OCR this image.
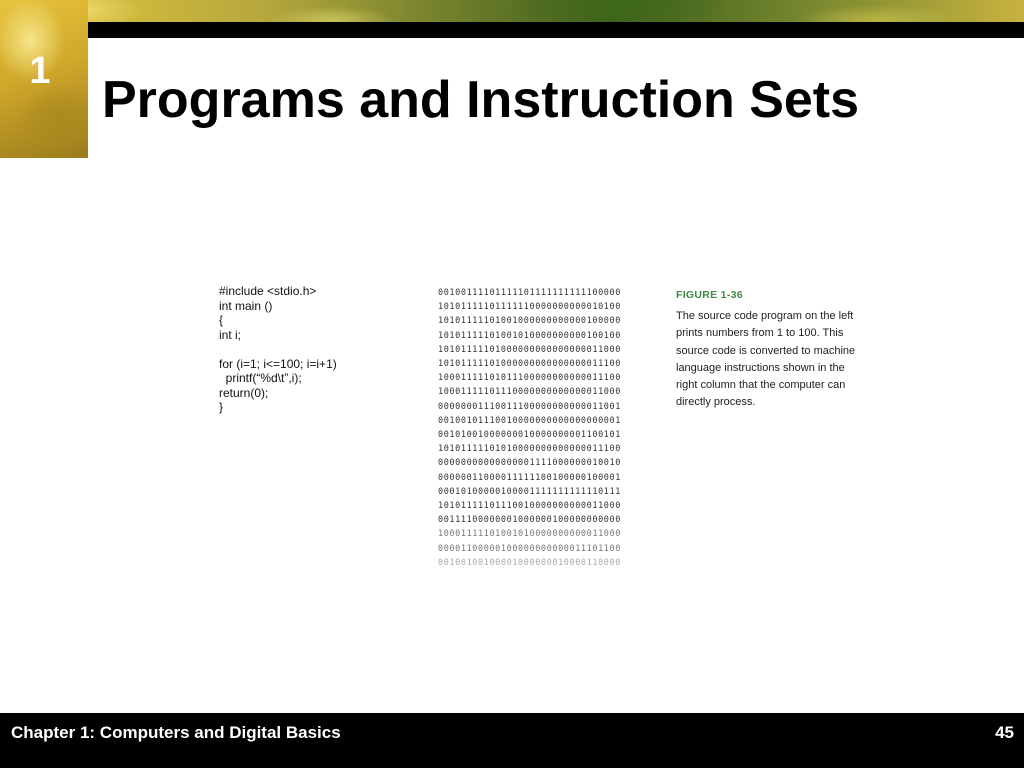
1 Programs and Instruction Sets
#include <stdio.h>
int main ()
{
int i;

for (i=1; i<=100; i=i+1)
printf(“%d\t”,i);
return(0);
}
00100111101111101111111111100000
10101111101111110000000000010100
10101111101001000000000000100000
10101111101001010000000000100100
10101111101000000000000000011000
10101111101000000000000000011100
10001111101011100000000000011100
10001111101110000000000000011000
00000001110011100000000000011001
00100101110010000000000000000001
00101001000000010000000001100101
10101111101010000000000000011100
00000000000000001111000000010010
00000011000011111100100000100001
00010100000100001111111111110111
10101111101110010000000000011000
00111100000001000000100000000000
10001111101001010000000000011000
00001100000100000000000011101100
00100100100001000000010000110000
FIGURE 1-36
The source code program on the left prints numbers from 1 to 100. This source code is converted to machine language instructions shown in the right column that the computer can directly process.
Chapter 1: Computers and Digital Basics	45
